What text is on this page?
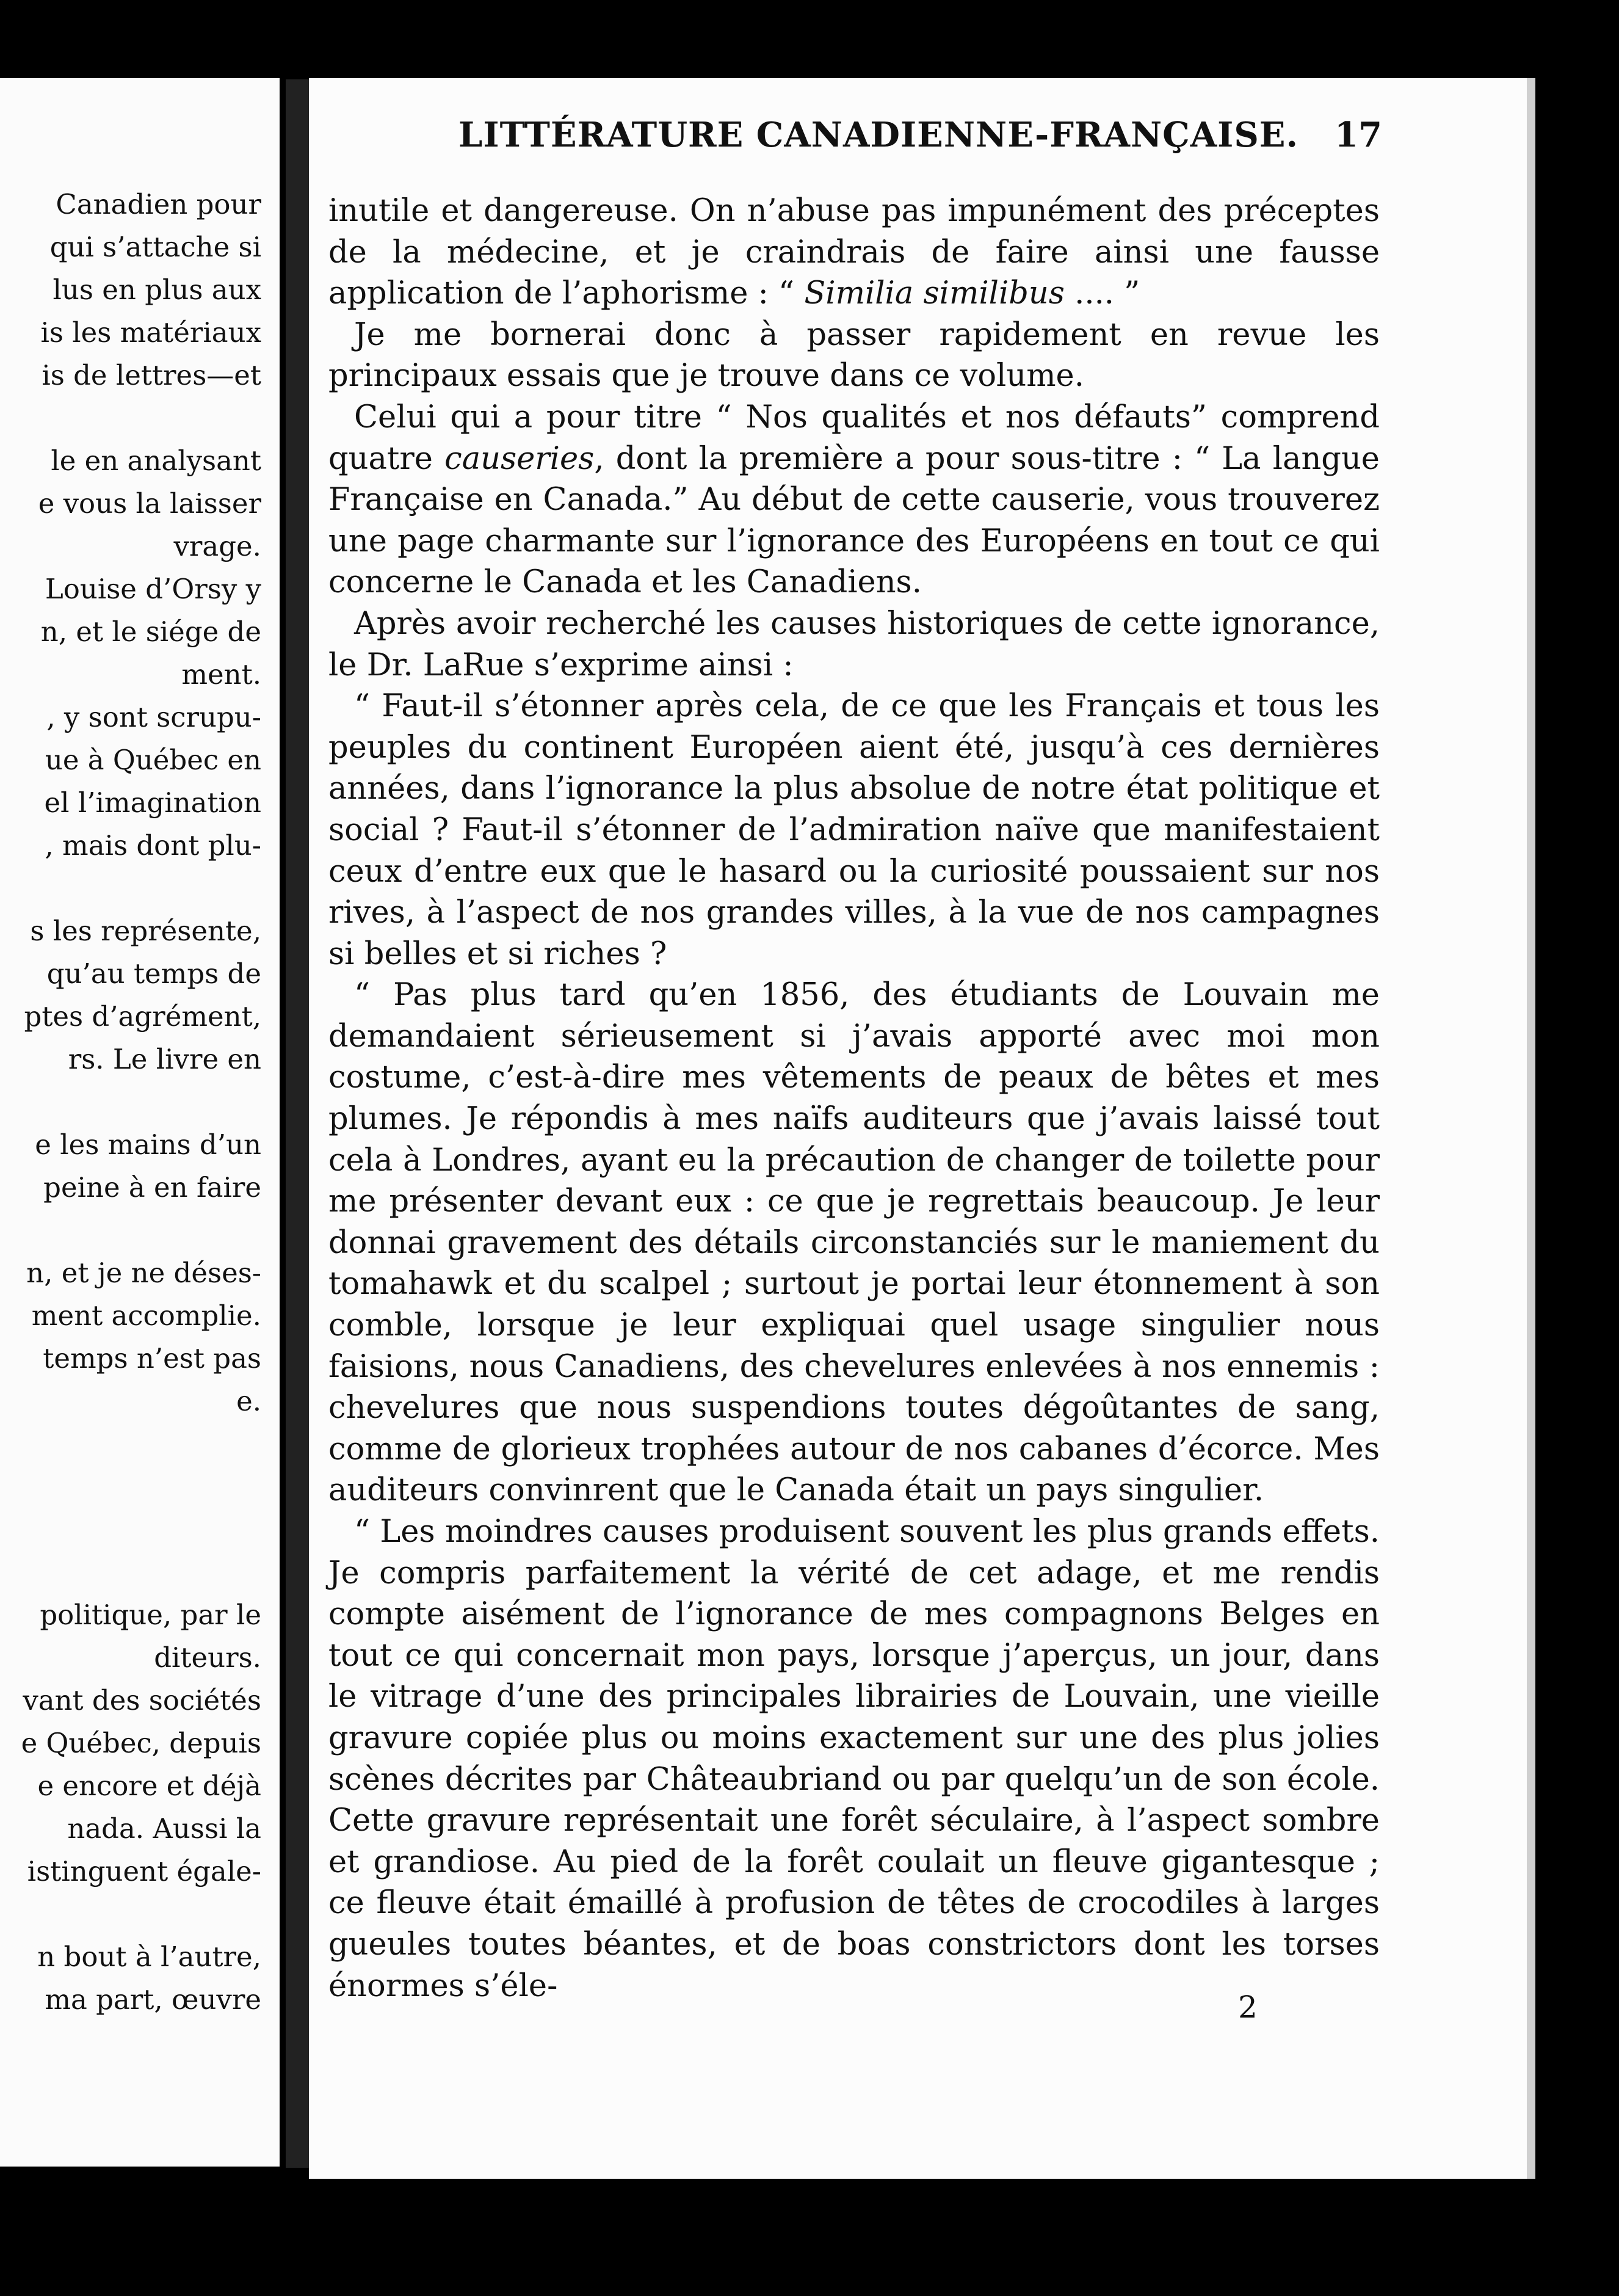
Canadien pour
qui s’attache si
lus en plus aux
is les matériaux
is de lettres—et
le en analysant
e vous la laisser
vrage.
Louise d’Orsy y
n, et le siége de
ment.
, y sont scrupu-
ue à Québec en
el l’imagination
, mais dont plu-
s les représente,
qu’au temps de
ptes d’agrément,
rs. Le livre en
e les mains d’un
peine à en faire
n, et je ne déses-
ment accomplie.
temps n’est pas
e.
politique, par le
diteurs.
vant des sociétés
e Québec, depuis
e encore et déjà
nada. Aussi la
istinguent égale-
n bout à l’autre,
ma part, œuvre
LITTÉRATURE CANADIENNE-FRANÇAISE. 17

inutile et dangereuse. On n’abuse pas impunément des préceptes de la médecine, et je craindrais de faire ainsi une fausse application de l’aphorisme : “ Similia similibus .... ”

Je me bornerai donc à passer rapidement en revue les principaux essais que je trouve dans ce volume.

Celui qui a pour titre “ Nos qualités et nos défauts” comprend quatre causeries, dont la première a pour sous-titre : “ La langue Française en Canada.” Au début de cette causerie, vous trouverez une page charmante sur l’ignorance des Européens en tout ce qui concerne le Canada et les Canadiens.

Après avoir recherché les causes historiques de cette ignorance, le Dr. LaRue s’exprime ainsi :

“ Faut-il s’étonner après cela, de ce que les Français et tous les peuples du continent Européen aient été, jusqu’à ces dernières années, dans l’ignorance la plus absolue de notre état politique et social ? Faut-il s’étonner de l’admiration naïve que manifestaient ceux d’entre eux que le hasard ou la curiosité poussaient sur nos rives, à l’aspect de nos grandes villes, à la vue de nos campagnes si belles et si riches ?

“ Pas plus tard qu’en 1856, des étudiants de Louvain me demandaient sérieusement si j’avais apporté avec moi mon costume, c’est-à-dire mes vêtements de peaux de bêtes et mes plumes. Je répondis à mes naïfs auditeurs que j’avais laissé tout cela à Londres, ayant eu la précaution de changer de toilette pour me présenter devant eux : ce que je regrettais beaucoup. Je leur donnai gravement des détails circonstanciés sur le maniement du tomahawk et du scalpel ; surtout je portai leur étonnement à son comble, lorsque je leur expliquai quel usage singulier nous faisions, nous Canadiens, des chevelures enlevées à nos ennemis : chevelures que nous suspendions toutes dégoûtantes de sang, comme de glorieux trophées autour de nos cabanes d’écorce. Mes auditeurs convinrent que le Canada était un pays singulier.

“ Les moindres causes produisent souvent les plus grands effets. Je compris parfaitement la vérité de cet adage, et me rendis compte aisément de l’ignorance de mes compagnons Belges en tout ce qui concernait mon pays, lorsque j’aperçus, un jour, dans le vitrage d’une des principales librairies de Louvain, une vieille gravure copiée plus ou moins exactement sur une des plus jolies scènes décrites par Châteaubriand ou par quelqu’un de son école. Cette gravure représentait une forêt séculaire, à l’aspect sombre et grandiose. Au pied de la forêt coulait un fleuve gigantesque ; ce fleuve était émaillé à profusion de têtes de crocodiles à larges gueules toutes béantes, et de boas constrictors dont les torses énormes s’éle-

2
